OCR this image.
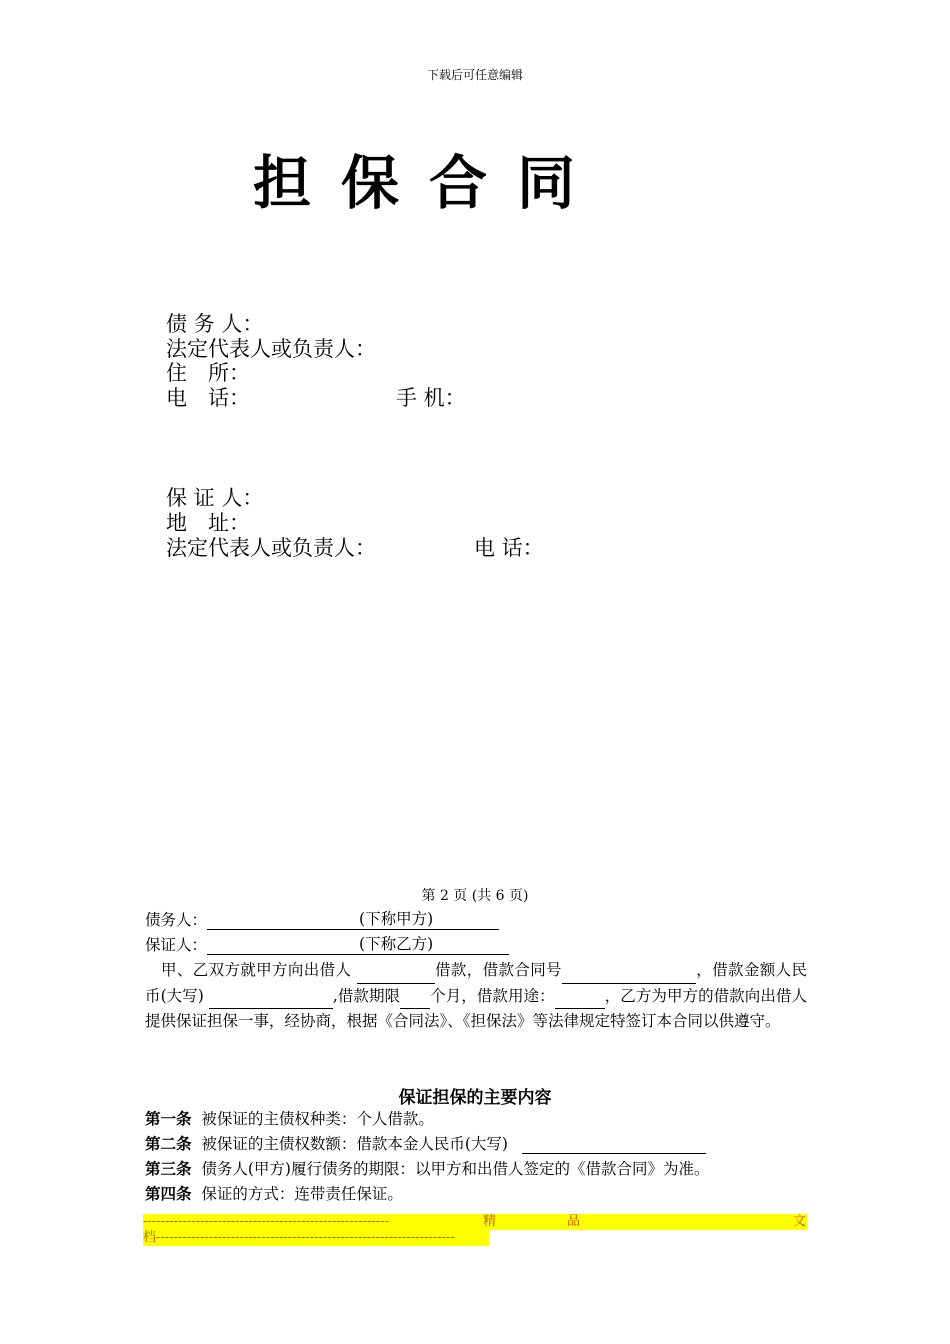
下载后可任意编辑
担保合同
债 务 人：
法定代表人或负责人：
住　所：
电　话：	手 机：
保 证 人：
地　址：
法定代表人或负责人：	电 话：
第 2 页 (共 6 页)
债务人：	(下称甲方)
保证人：	(下称乙方)
甲、乙双方就甲方向出借人	借款，借款合同号	，借款金额人民币(大写)	,借款期限 个月，借款用途：	，乙方为甲方的借款向出借人提供保证担保一事，经协商，根据《合同法》、《担保法》等法律规定特签订本合同以供遵守。
保证担保的主要内容
第一条 被保证的主债权种类：个人借款。
第二条 被保证的主债权数额：借款本金人民币(大写)
第三条 债务人(甲方)履行债务的期限：以甲方和出借人签定的《借款合同》为准。
第四条 保证的方式：连带责任保证。
--------------------------------------------------------	精	品	文
档--------------------------------------------------------------------
